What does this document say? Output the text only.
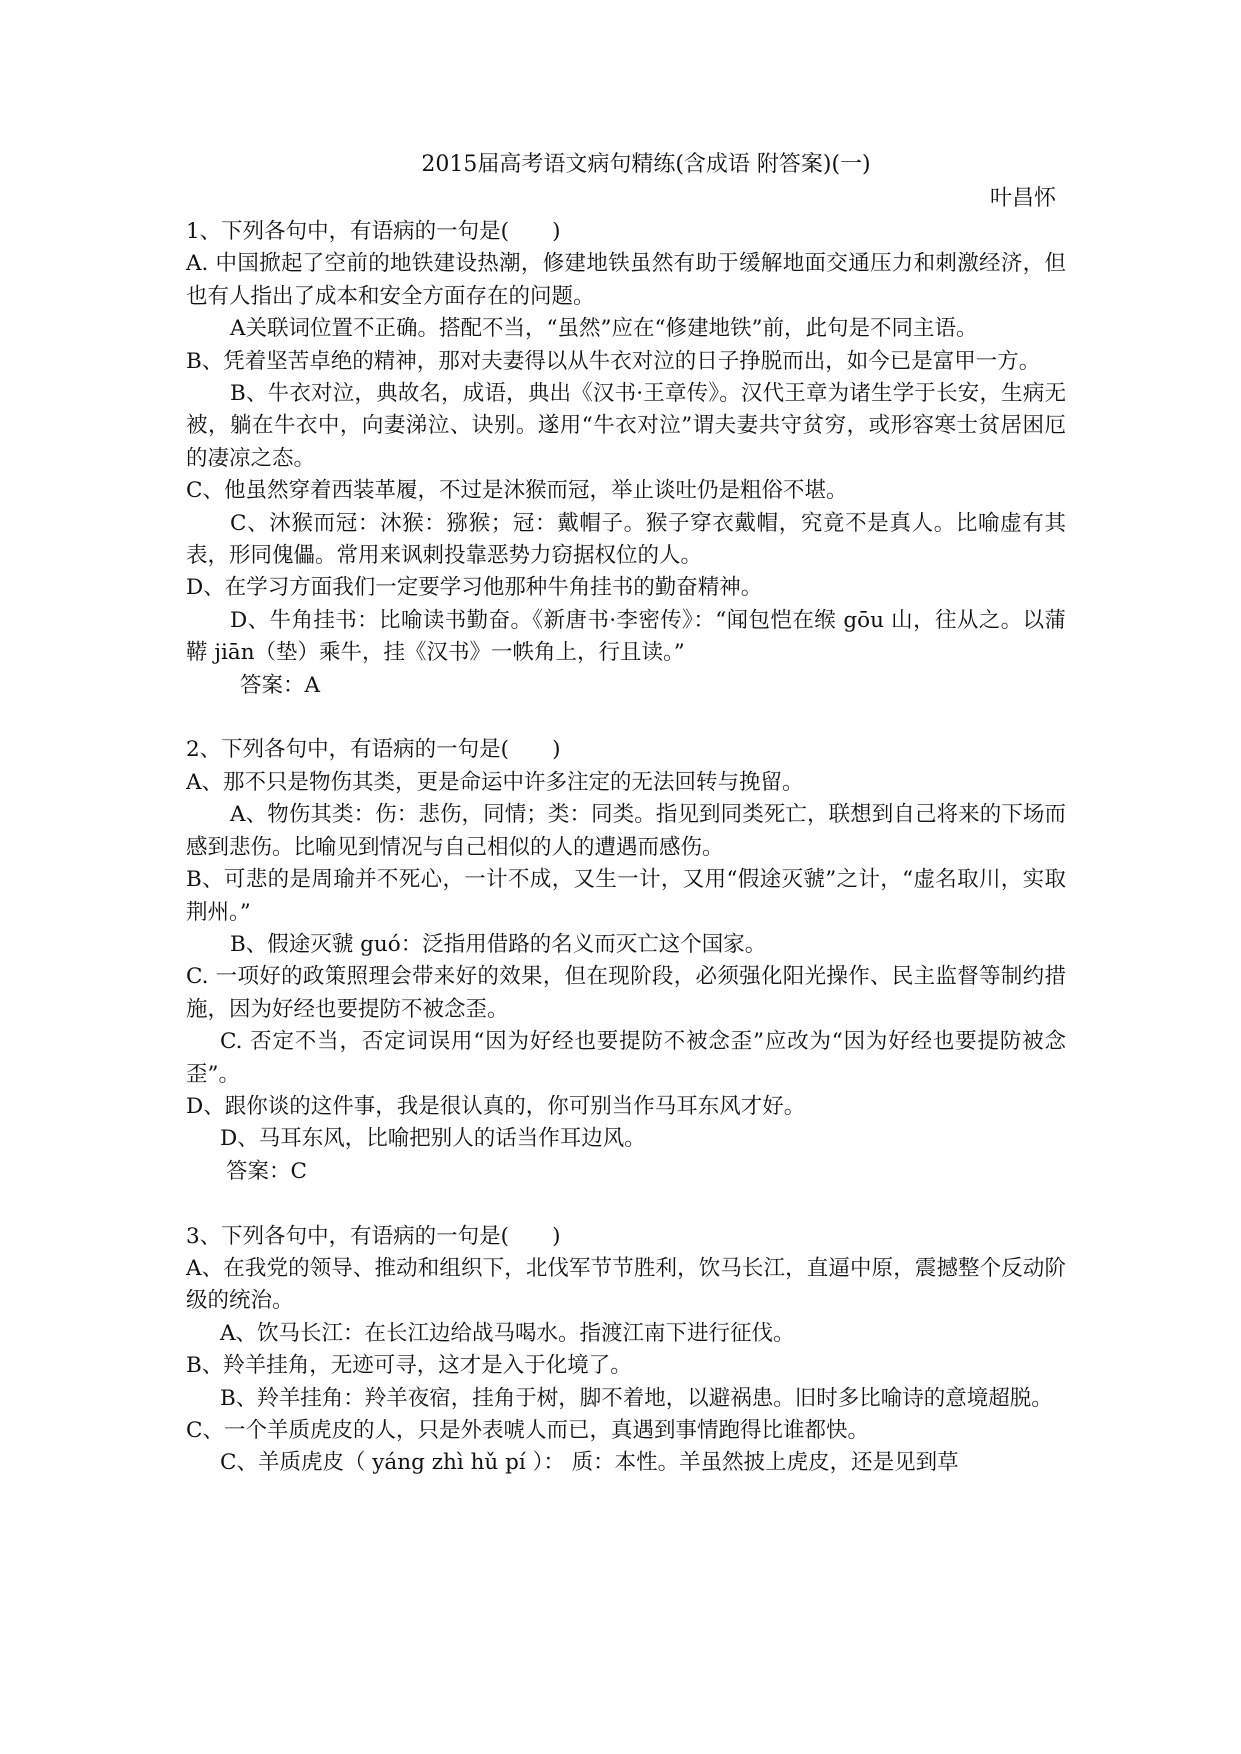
2015届高考语文病句精练(含成语 附答案)(一)
叶昌怀

1、下列各句中，有语病的一句是(　　)

A. 中国掀起了空前的地铁建设热潮，修建地铁虽然有助于缓解地面交通压力和刺激经济，但也有人指出了成本和安全方面存在的问题。

A关联词位置不正确。搭配不当，“虽然”应在“修建地铁”前，此句是不同主语。

B、凭着坚苦卓绝的精神，那对夫妻得以从牛衣对泣的日子挣脱而出，如今已是富甲一方。

B、牛衣对泣，典故名，成语，典出《汉书·王章传》。汉代王章为诸生学于长安，生病无被，躺在牛衣中，向妻涕泣、诀别。遂用“牛衣对泣”谓夫妻共守贫穷，或形容寒士贫居困厄的凄凉之态。

C、他虽然穿着西装革履，不过是沐猴而冠，举止谈吐仍是粗俗不堪。

C、沐猴而冠：沐猴：猕猴；冠：戴帽子。猴子穿衣戴帽，究竟不是真人。比喻虚有其表，形同傀儡。常用来讽刺投靠恶势力窃据权位的人。

D、在学习方面我们一定要学习他那种牛角挂书的勤奋精神。

D、牛角挂书：比喻读书勤奋。《新唐书·李密传》：“闻包恺在缑 gōu 山，往从之。以蒲鞯 jiān（垫）乘牛，挂《汉书》一帙角上，行且读。”

答案：A

2、下列各句中，有语病的一句是(　　)

A、那不只是物伤其类，更是命运中许多注定的无法回转与挽留。

A、物伤其类：伤：悲伤，同情；类：同类。指见到同类死亡，联想到自己将来的下场而感到悲伤。比喻见到情况与自己相似的人的遭遇而感伤。

B、可悲的是周瑜并不死心，一计不成，又生一计，又用“假途灭虢”之计，“虚名取川，实取荆州。”

B、假途灭虢 guó：泛指用借路的名义而灭亡这个国家。

C. 一项好的政策照理会带来好的效果，但在现阶段，必须强化阳光操作、民主监督等制约措施，因为好经也要提防不被念歪。

C. 否定不当，否定词误用“因为好经也要提防不被念歪”应改为“因为好经也要提防被念歪”。

D、跟你谈的这件事，我是很认真的，你可别当作马耳东风才好。

D、马耳东风，比喻把别人的话当作耳边风。

答案：C

3、下列各句中，有语病的一句是(　　)

A、在我党的领导、推动和组织下，北伐军节节胜利，饮马长江，直逼中原，震撼整个反动阶级的统治。

A、饮马长江：在长江边给战马喝水。指渡江南下进行征伐。

B、羚羊挂角，无迹可寻，这才是入于化境了。

B、羚羊挂角：羚羊夜宿，挂角于树，脚不着地，以避祸患。旧时多比喻诗的意境超脱。

C、一个羊质虎皮的人，只是外表唬人而已，真遇到事情跑得比谁都快。

C、羊质虎皮（ yáng zhì hǔ pí ）： 质：本性。羊虽然披上虎皮，还是见到草
